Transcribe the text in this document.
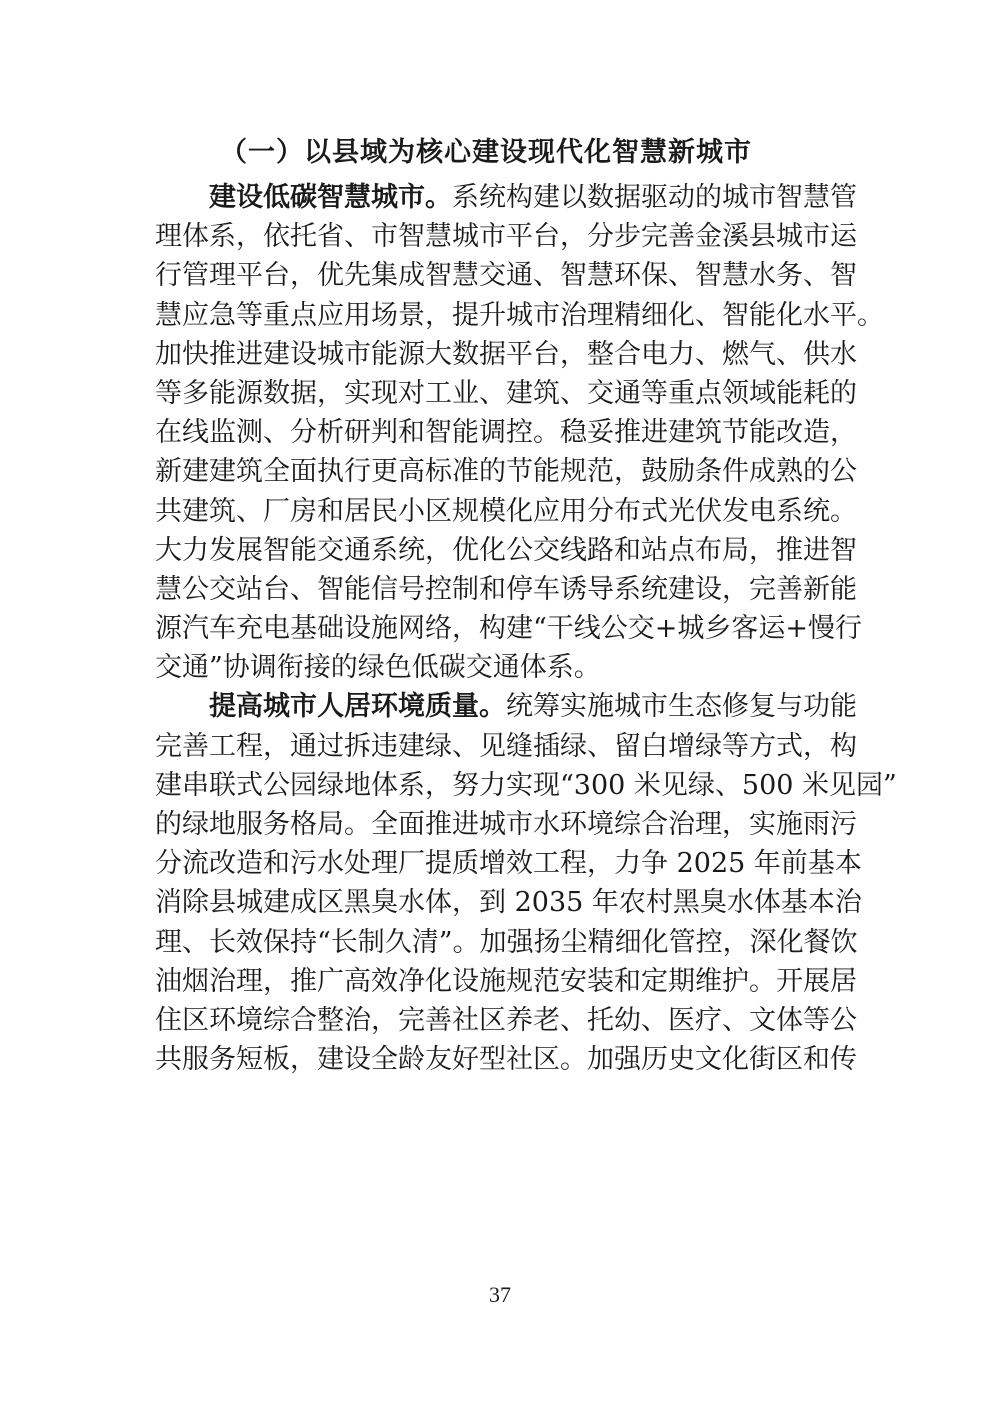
（一）以县域为核心建设现代化智慧新城市
建设低碳智慧城市。系统构建以数据驱动的城市智慧管
理体系，依托省、市智慧城市平台，分步完善金溪县城市运
行管理平台，优先集成智慧交通、智慧环保、智慧水务、智
慧应急等重点应用场景，提升城市治理精细化、智能化水平。
加快推进建设城市能源大数据平台，整合电力、燃气、供水
等多能源数据，实现对工业、建筑、交通等重点领域能耗的
在线监测、分析研判和智能调控。稳妥推进建筑节能改造，
新建建筑全面执行更高标准的节能规范，鼓励条件成熟的公
共建筑、厂房和居民小区规模化应用分布式光伏发电系统。
大力发展智能交通系统，优化公交线路和站点布局，推进智
慧公交站台、智能信号控制和停车诱导系统建设，完善新能
源汽车充电基础设施网络，构建“干线公交+城乡客运+慢行
交通”协调衔接的绿色低碳交通体系。
提高城市人居环境质量。统筹实施城市生态修复与功能
完善工程，通过拆违建绿、见缝插绿、留白增绿等方式，构
建串联式公园绿地体系，努力实现“300 米见绿、500 米见园”
的绿地服务格局。全面推进城市水环境综合治理，实施雨污
分流改造和污水处理厂提质增效工程，力争 2025 年前基本
消除县城建成区黑臭水体，到 2035 年农村黑臭水体基本治
理、长效保持“长制久清”。加强扬尘精细化管控，深化餐饮
油烟治理，推广高效净化设施规范安装和定期维护。开展居
住区环境综合整治，完善社区养老、托幼、医疗、文体等公
共服务短板，建设全龄友好型社区。加强历史文化街区和传
37
